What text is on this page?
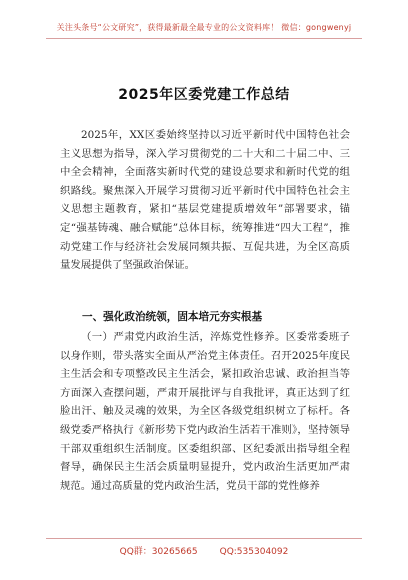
关注头条号“公文研究”，获得最新最全最专业的公文资料库！ 微信：gongwenyj
2025年区委党建工作总结
2025年，XX区委始终坚持以习近平新时代中国特色社会主义思想为指导，深入学习贯彻党的二十大和二十届二中、三中全会精神，全面落实新时代党的建设总要求和新时代党的组织路线。聚焦深入开展学习贯彻习近平新时代中国特色社会主义思想主题教育，紧扣“基层党建提质增效年”部署要求，锚定“强基铸魂、融合赋能”总体目标，统筹推进“四大工程”，推动党建工作与经济社会发展同频共振、互促共进，为全区高质量发展提供了坚强政治保证。
一、强化政治统领，固本培元夯实根基
（一）严肃党内政治生活，淬炼党性修养。区委常委班子以身作则，带头落实全面从严治党主体责任。召开2025年度民主生活会和专项整改民主生活会，紧扣政治忠诚、政治担当等方面深入查摆问题，严肃开展批评与自我批评，真正达到了红脸出汗、触及灵魂的效果，为全区各级党组织树立了标杆。各级党委严格执行《新形势下党内政治生活若干准则》，坚持领导干部双重组织生活制度。区委组织部、区纪委派出指导组全程督导，确保民主生活会质量明显提升，党内政治生活更加严肃规范。通过高质量的党内政治生活，党员干部的党性修养
QQ群：30265665 QQ:535304092
